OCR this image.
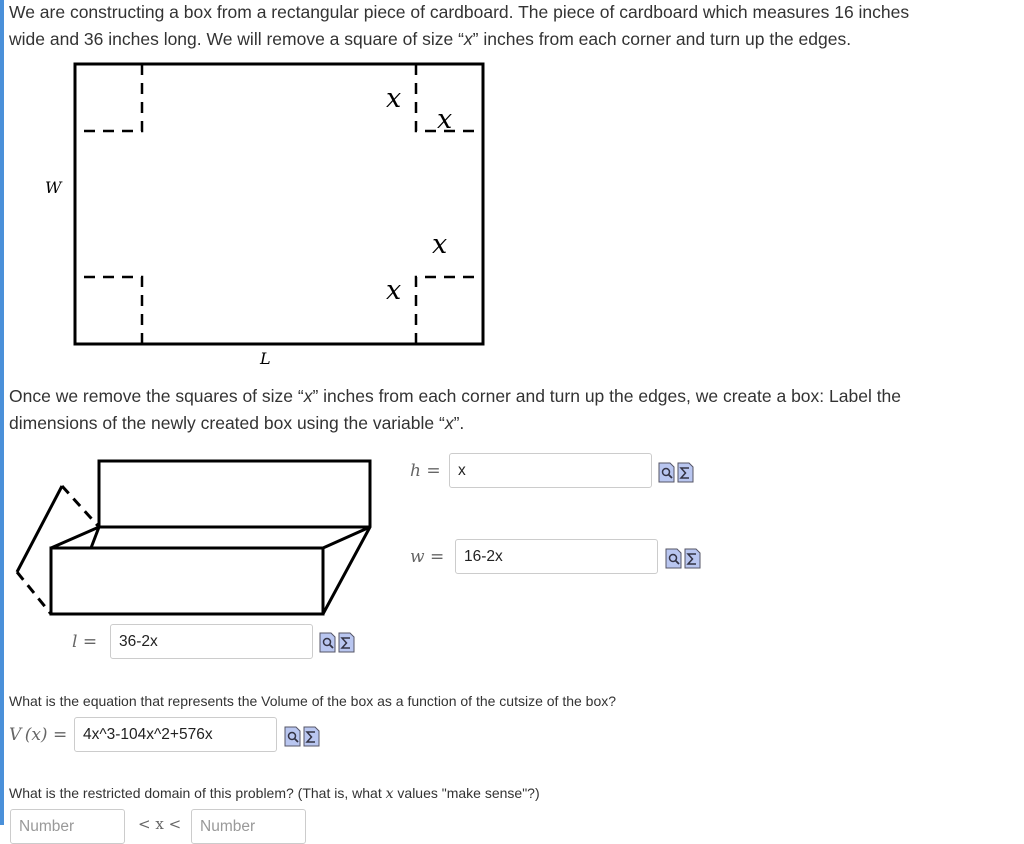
We are constructing a box from a rectangular piece of cardboard. The piece of cardboard which measures 16 inches
wide and 36 inches long. We will remove a square of size “x” inches from each corner and turn up the edges.

x
x
x
x
W
L

Once we remove the squares of size “x” inches from each corner and turn up the edges, we create a box: Label the
dimensions of the newly created box using the variable “x”.

h =
x
w =
16-2x
l =
36-2x

What is the equation that represents the Volume of the box as a function of the cutsize of the box?

V  (x) =
4x^3-104x^2+576x

What is the restricted domain of this problem? (That is, what x values "make sense"?)

Number
< x <
Number
